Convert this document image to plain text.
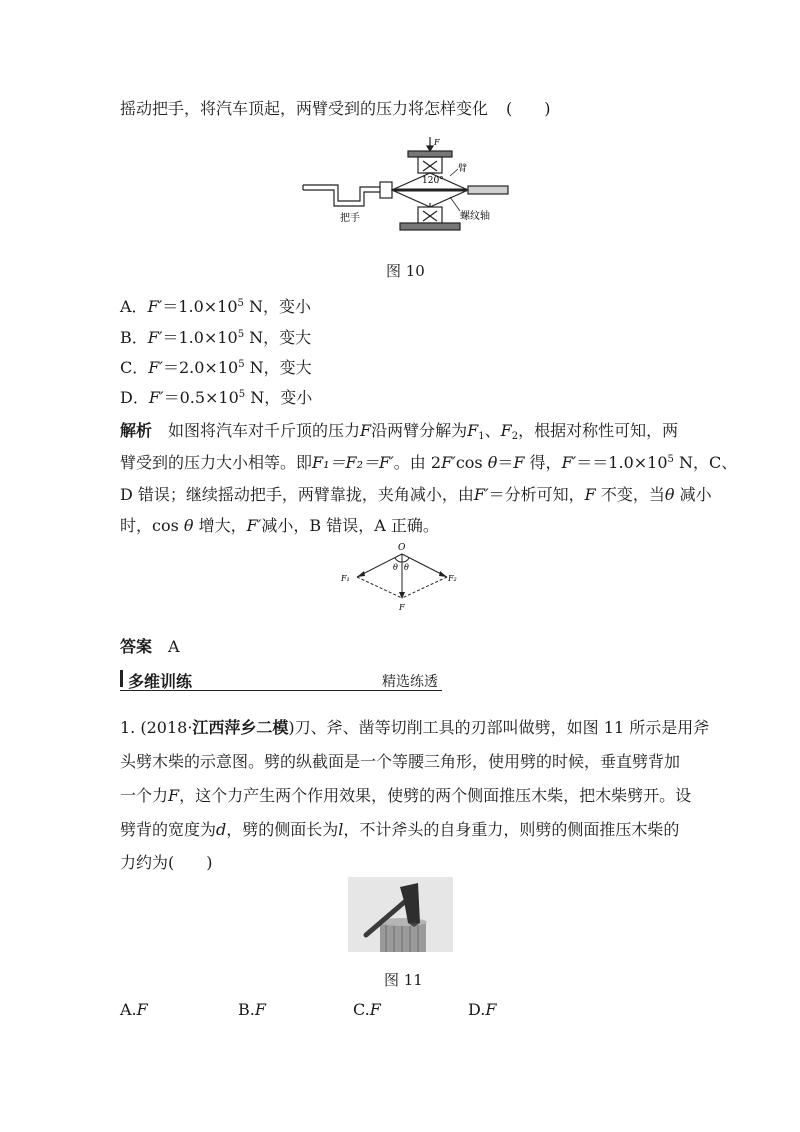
摇动把手，将汽车顶起，两臂受到的压力将怎样变化 (　　)
F
120°
臂
把手	螺纹轴
图 10
A．$F'=1.0\times 10^5$ N，变小
B．$F'=1.0\times 10^5$ N，变大
C．$F'=2.0\times 10^5$ N，变大
D．$F'=0.5\times 10^5$ N，变小
解析　如图将汽车对千斤顶的压力F沿两臂分解为$F_1$、$F_2$，根据对称性可知，两
臂受到的压力大小相等。即F₁＝F₂＝F′。由 2F′cos θ＝F 得，$F'==1.0\times 10^5$ N，C、
D 错误；继续摇动把手，两臂靠拢，夹角减小，由F′＝分析可知，F 不变，当θ 减小
时，cos θ 增大，F′减小，B 错误，A 正确。
O
θ θ
F₁	F₂
F
答案 A
多维训练	精选练透
1. (2018·江西萍乡二模)刀、斧、凿等切削工具的刃部叫做劈，如图 11 所示是用斧
头劈木柴的示意图。劈的纵截面是一个等腰三角形，使用劈的时候，垂直劈背加
一个力F，这个力产生两个作用效果，使劈的两个侧面推压木柴，把木柴劈开。设
劈背的宽度为d，劈的侧面长为l，不计斧头的自身重力，则劈的侧面推压木柴的
力约为(　　)
图 11
A.F	B.F	C.F	D.F
